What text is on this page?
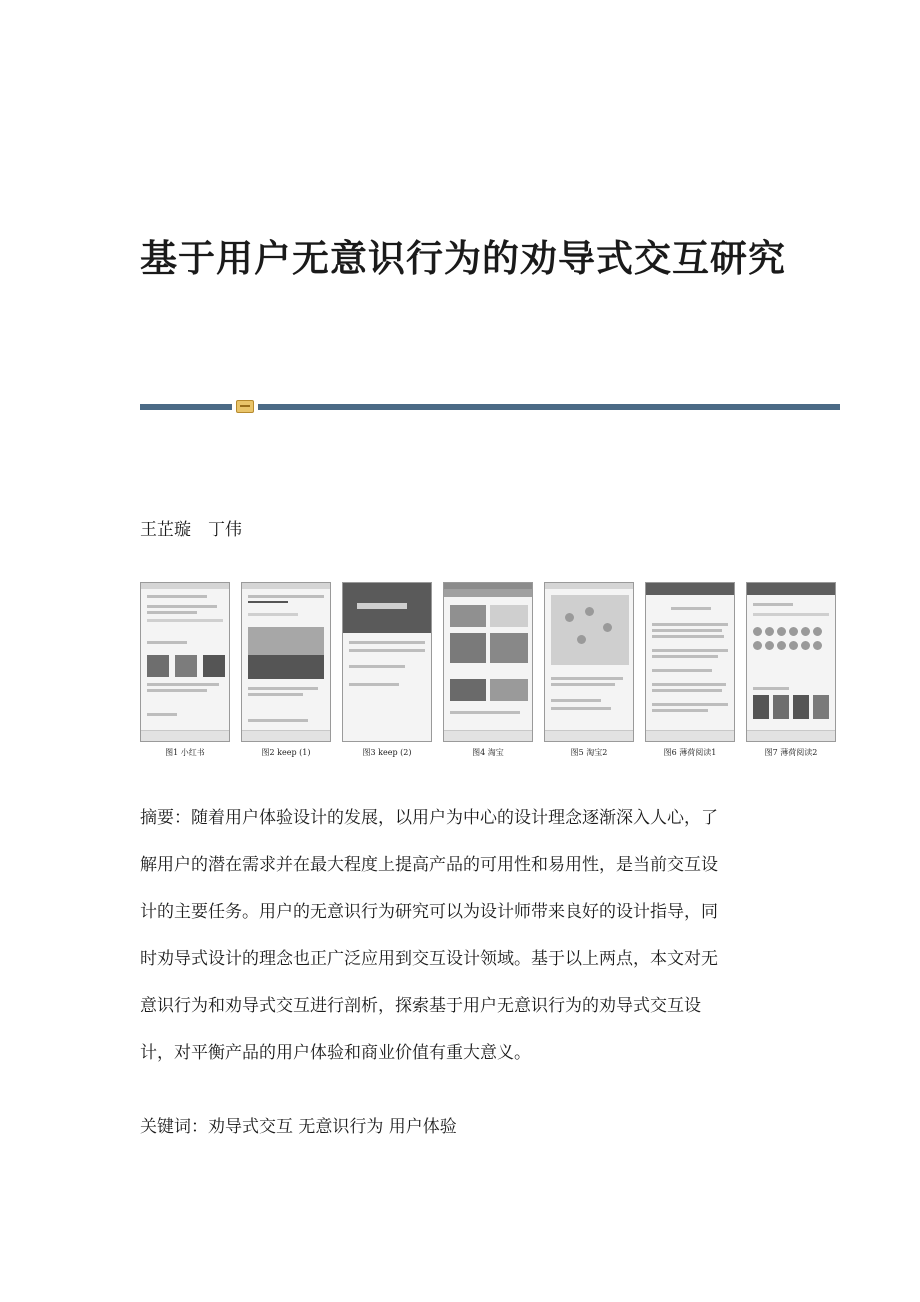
基于用户无意识行为的劝导式交互研究
王芷璇　丁伟
图1 小红书	图2 keep (1)	图3 keep (2)	图4 淘宝	图5 淘宝2	图6 薄荷阅读1	图7 薄荷阅读2
摘要：随着用户体验设计的发展，以用户为中心的设计理念逐渐深入人心，了
解用户的潜在需求并在最大程度上提高产品的可用性和易用性，是当前交互设
计的主要任务。用户的无意识行为研究可以为设计师带来良好的设计指导，同
时劝导式设计的理念也正广泛应用到交互设计领域。基于以上两点，本文对无
意识行为和劝导式交互进行剖析，探索基于用户无意识行为的劝导式交互设
计，对平衡产品的用户体验和商业价值有重大意义。
关键词：劝导式交互 无意识行为 用户体验
